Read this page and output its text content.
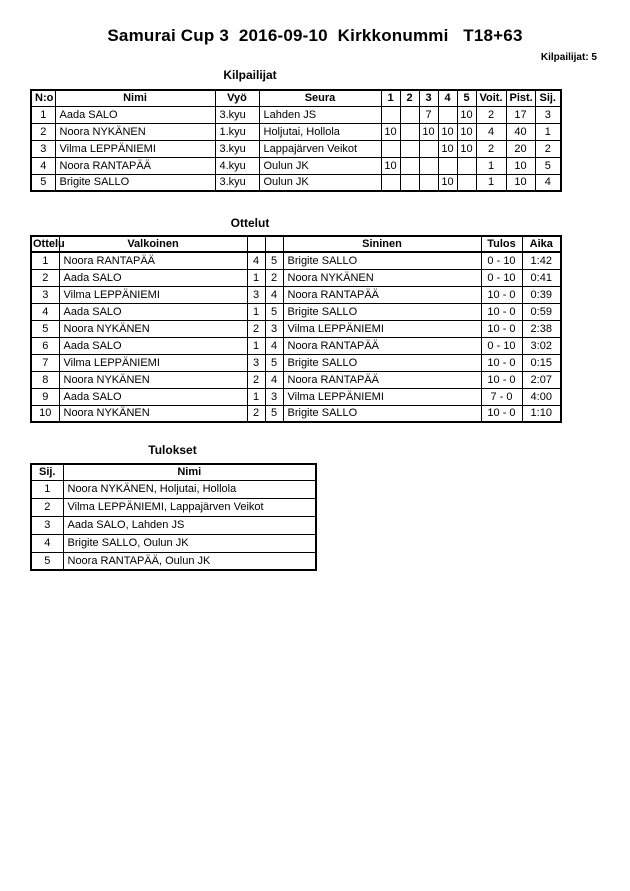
Samurai Cup 3  2016-09-10  Kirkkonummi   T18+63
Kilpailijat: 5
Kilpailijat
N:o	Nimi	Vyö	Seura	1	2	3	4	5	Voit.	Pist.	Sij.
1	Aada SALO	3.kyu	Lahden JS			7		10	2	17	3
2	Noora NYKÄNEN	1.kyu	Holjutai, Hollola	10		10	10	10	4	40	1
3	Vilma LEPPÄNIEMI	3.kyu	Lappajärven Veikot				10	10	2	20	2
4	Noora RANTAPÄÄ	4.kyu	Oulun JK	10					1	10	5
5	Brigite SALLO	3.kyu	Oulun JK				10		1	10	4
Ottelut
Ottelu	Valkoinen			Sininen	Tulos	Aika
1	Noora RANTAPÄÄ	4	5	Brigite SALLO	0 - 10	1:42
2	Aada SALO	1	2	Noora NYKÄNEN	0 - 10	0:41
3	Vilma LEPPÄNIEMI	3	4	Noora RANTAPÄÄ	10 - 0	0:39
4	Aada SALO	1	5	Brigite SALLO	10 - 0	0:59
5	Noora NYKÄNEN	2	3	Vilma LEPPÄNIEMI	10 - 0	2:38
6	Aada SALO	1	4	Noora RANTAPÄÄ	0 - 10	3:02
7	Vilma LEPPÄNIEMI	3	5	Brigite SALLO	10 - 0	0:15
8	Noora NYKÄNEN	2	4	Noora RANTAPÄÄ	10 - 0	2:07
9	Aada SALO	1	3	Vilma LEPPÄNIEMI	7 - 0	4:00
10	Noora NYKÄNEN	2	5	Brigite SALLO	10 - 0	1:10
Tulokset
Sij.	Nimi
1	Noora NYKÄNEN, Holjutai, Hollola
2	Vilma LEPPÄNIEMI, Lappajärven Veikot
3	Aada SALO, Lahden JS
4	Brigite SALLO, Oulun JK
5	Noora RANTAPÄÄ, Oulun JK
